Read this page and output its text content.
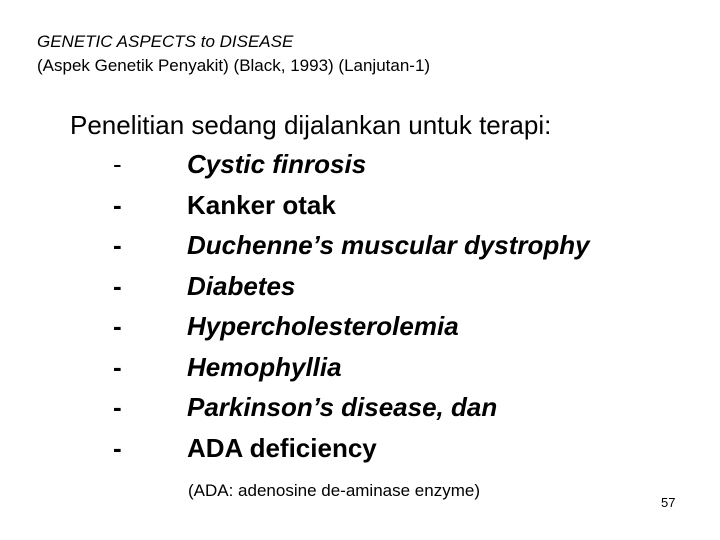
GENETIC ASPECTS to DISEASE
(Aspek Genetik Penyakit) (Black, 1993) (Lanjutan-1)
Penelitian sedang dijalankan untuk terapi:
-	Cystic finrosis
-	Kanker otak
-	Duchenne’s muscular dystrophy
-	Diabetes
-	Hypercholesterolemia
-	Hemophyllia
-	Parkinson’s disease, dan
-	ADA deficiency
(ADA: adenosine de-aminase enzyme)
57
